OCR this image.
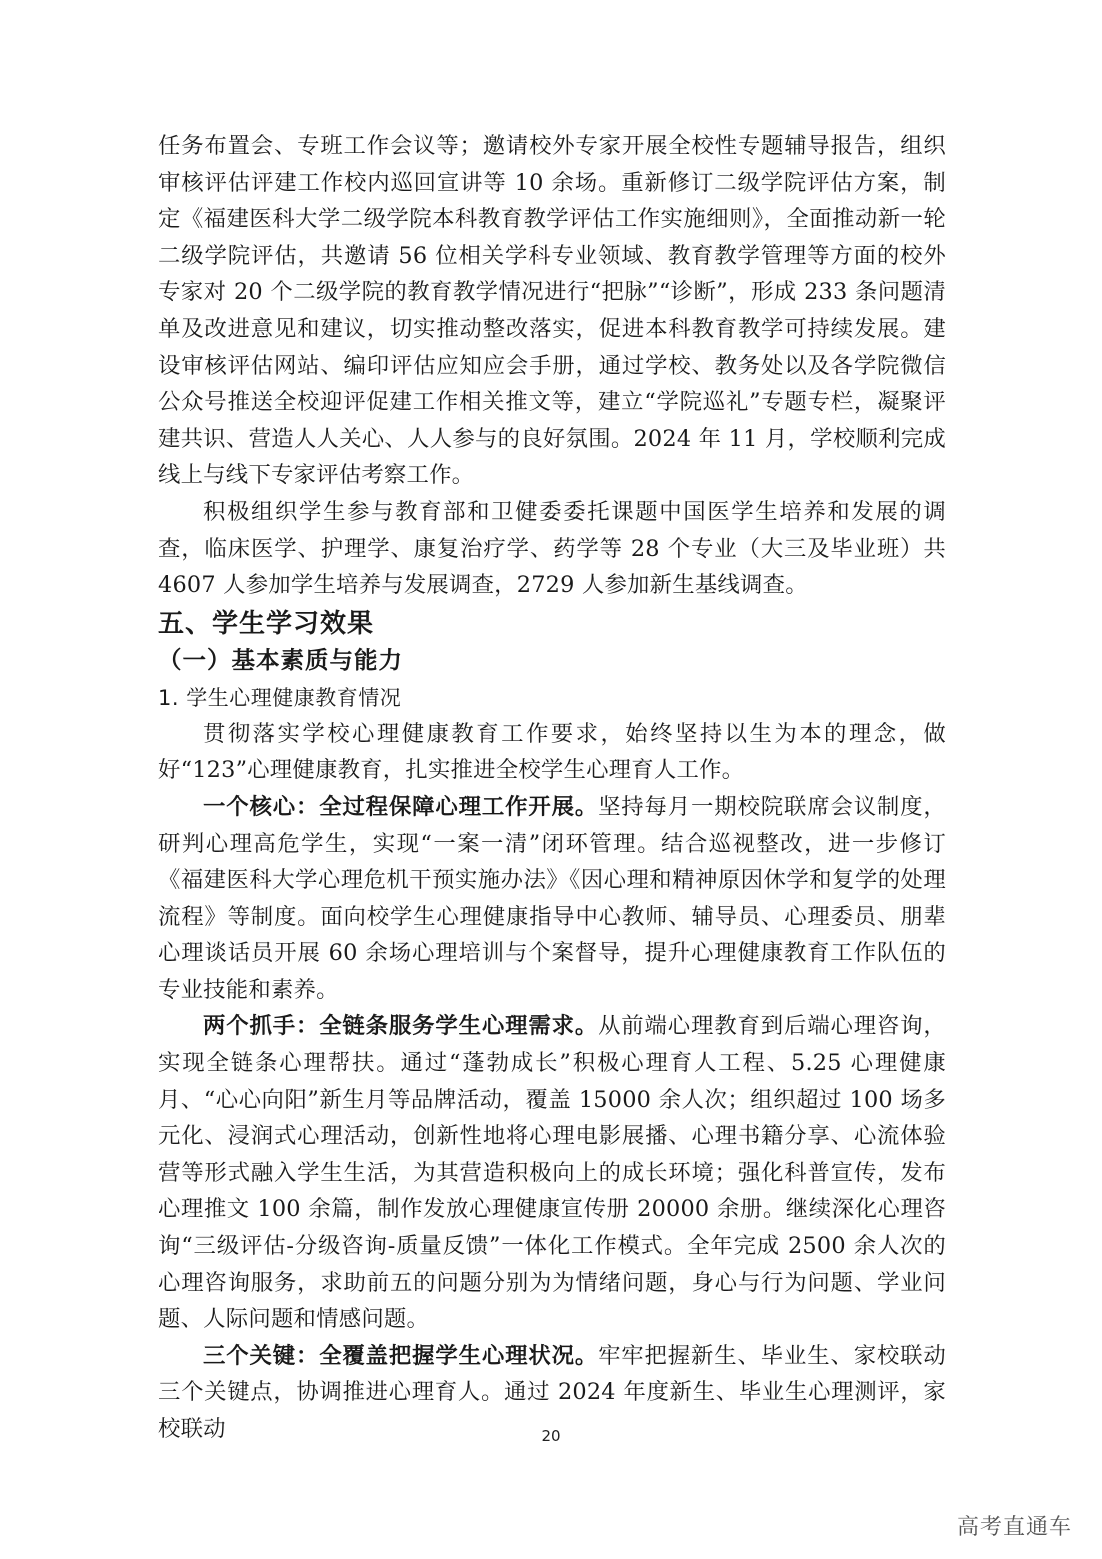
任务布置会、专班工作会议等；邀请校外专家开展全校性专题辅导报告，组织审核评估评建工作校内巡回宣讲等 10 余场。重新修订二级学院评估方案，制定《福建医科大学二级学院本科教育教学评估工作实施细则》，全面推动新一轮二级学院评估，共邀请 56 位相关学科专业领域、教育教学管理等方面的校外专家对 20 个二级学院的教育教学情况进行“把脉”“诊断”，形成 233 条问题清单及改进意见和建议，切实推动整改落实，促进本科教育教学可持续发展。建设审核评估网站、编印评估应知应会手册，通过学校、教务处以及各学院微信公众号推送全校迎评促建工作相关推文等，建立“学院巡礼”专题专栏，凝聚评建共识、营造人人关心、人人参与的良好氛围。2024 年 11 月，学校顺利完成线上与线下专家评估考察工作。

积极组织学生参与教育部和卫健委委托课题中国医学生培养和发展的调查，临床医学、护理学、康复治疗学、药学等 28 个专业（大三及毕业班）共 4607 人参加学生培养与发展调查，2729 人参加新生基线调查。

五、学生学习效果
（一）基本素质与能力
1. 学生心理健康教育情况

贯彻落实学校心理健康教育工作要求，始终坚持以生为本的理念，做好“123”心理健康教育，扎实推进全校学生心理育人工作。

一个核心：全过程保障心理工作开展。坚持每月一期校院联席会议制度，研判心理高危学生，实现“一案一清”闭环管理。结合巡视整改，进一步修订《福建医科大学心理危机干预实施办法》《因心理和精神原因休学和复学的处理流程》等制度。面向校学生心理健康指导中心教师、辅导员、心理委员、朋辈心理谈话员开展 60 余场心理培训与个案督导，提升心理健康教育工作队伍的专业技能和素养。

两个抓手：全链条服务学生心理需求。从前端心理教育到后端心理咨询，实现全链条心理帮扶。通过“蓬勃成长”积极心理育人工程、5.25 心理健康月、“心心向阳”新生月等品牌活动，覆盖 15000 余人次；组织超过 100 场多元化、浸润式心理活动，创新性地将心理电影展播、心理书籍分享、心流体验营等形式融入学生生活，为其营造积极向上的成长环境；强化科普宣传，发布心理推文 100 余篇，制作发放心理健康宣传册 20000 余册。继续深化心理咨询“三级评估-分级咨询-质量反馈”一体化工作模式。全年完成 2500 余人次的心理咨询服务，求助前五的问题分别为为情绪问题，身心与行为问题、学业问题、人际问题和情感问题。

三个关键：全覆盖把握学生心理状况。牢牢把握新生、毕业生、家校联动三个关键点，协调推进心理育人。通过 2024 年度新生、毕业生心理测评，家校联动	20
高考直通车
